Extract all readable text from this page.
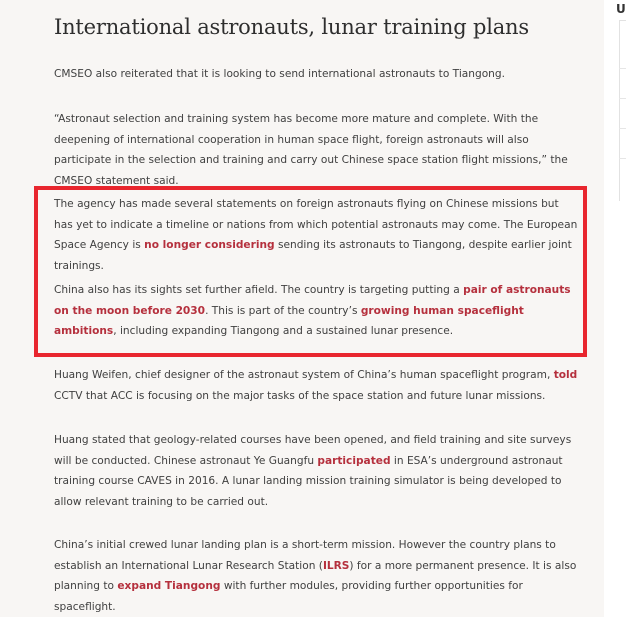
International astronauts, lunar training plans

CMSEO also reiterated that it is looking to send international astronauts to Tiangong.

“Astronaut selection and training system has become more mature and complete. With the deepening of international cooperation in human space flight, foreign astronauts will also participate in the selection and training and carry out Chinese space station flight missions,” the CMSEO statement said.

The agency has made several statements on foreign astronauts flying on Chinese missions but has yet to indicate a timeline or nations from which potential astronauts may come. The European Space Agency is no longer considering sending its astronauts to Tiangong, despite earlier joint trainings.

China also has its sights set further afield. The country is targeting putting a pair of astronauts on the moon before 2030. This is part of the country’s growing human spaceflight ambitions, including expanding Tiangong and a sustained lunar presence.

Huang Weifen, chief designer of the astronaut system of China’s human spaceflight program, told CCTV that ACC is focusing on the major tasks of the space station and future lunar missions.

Huang stated that geology-related courses have been opened, and field training and site surveys will be conducted. Chinese astronaut Ye Guangfu participated in ESA’s underground astronaut training course CAVES in 2016. A lunar landing mission training simulator is being developed to allow relevant training to be carried out.

China’s initial crewed lunar landing plan is a short-term mission. However the country plans to establish an International Lunar Research Station (ILRS) for a more permanent presence. It is also planning to expand Tiangong with further modules, providing further opportunities for spaceflight.

U
